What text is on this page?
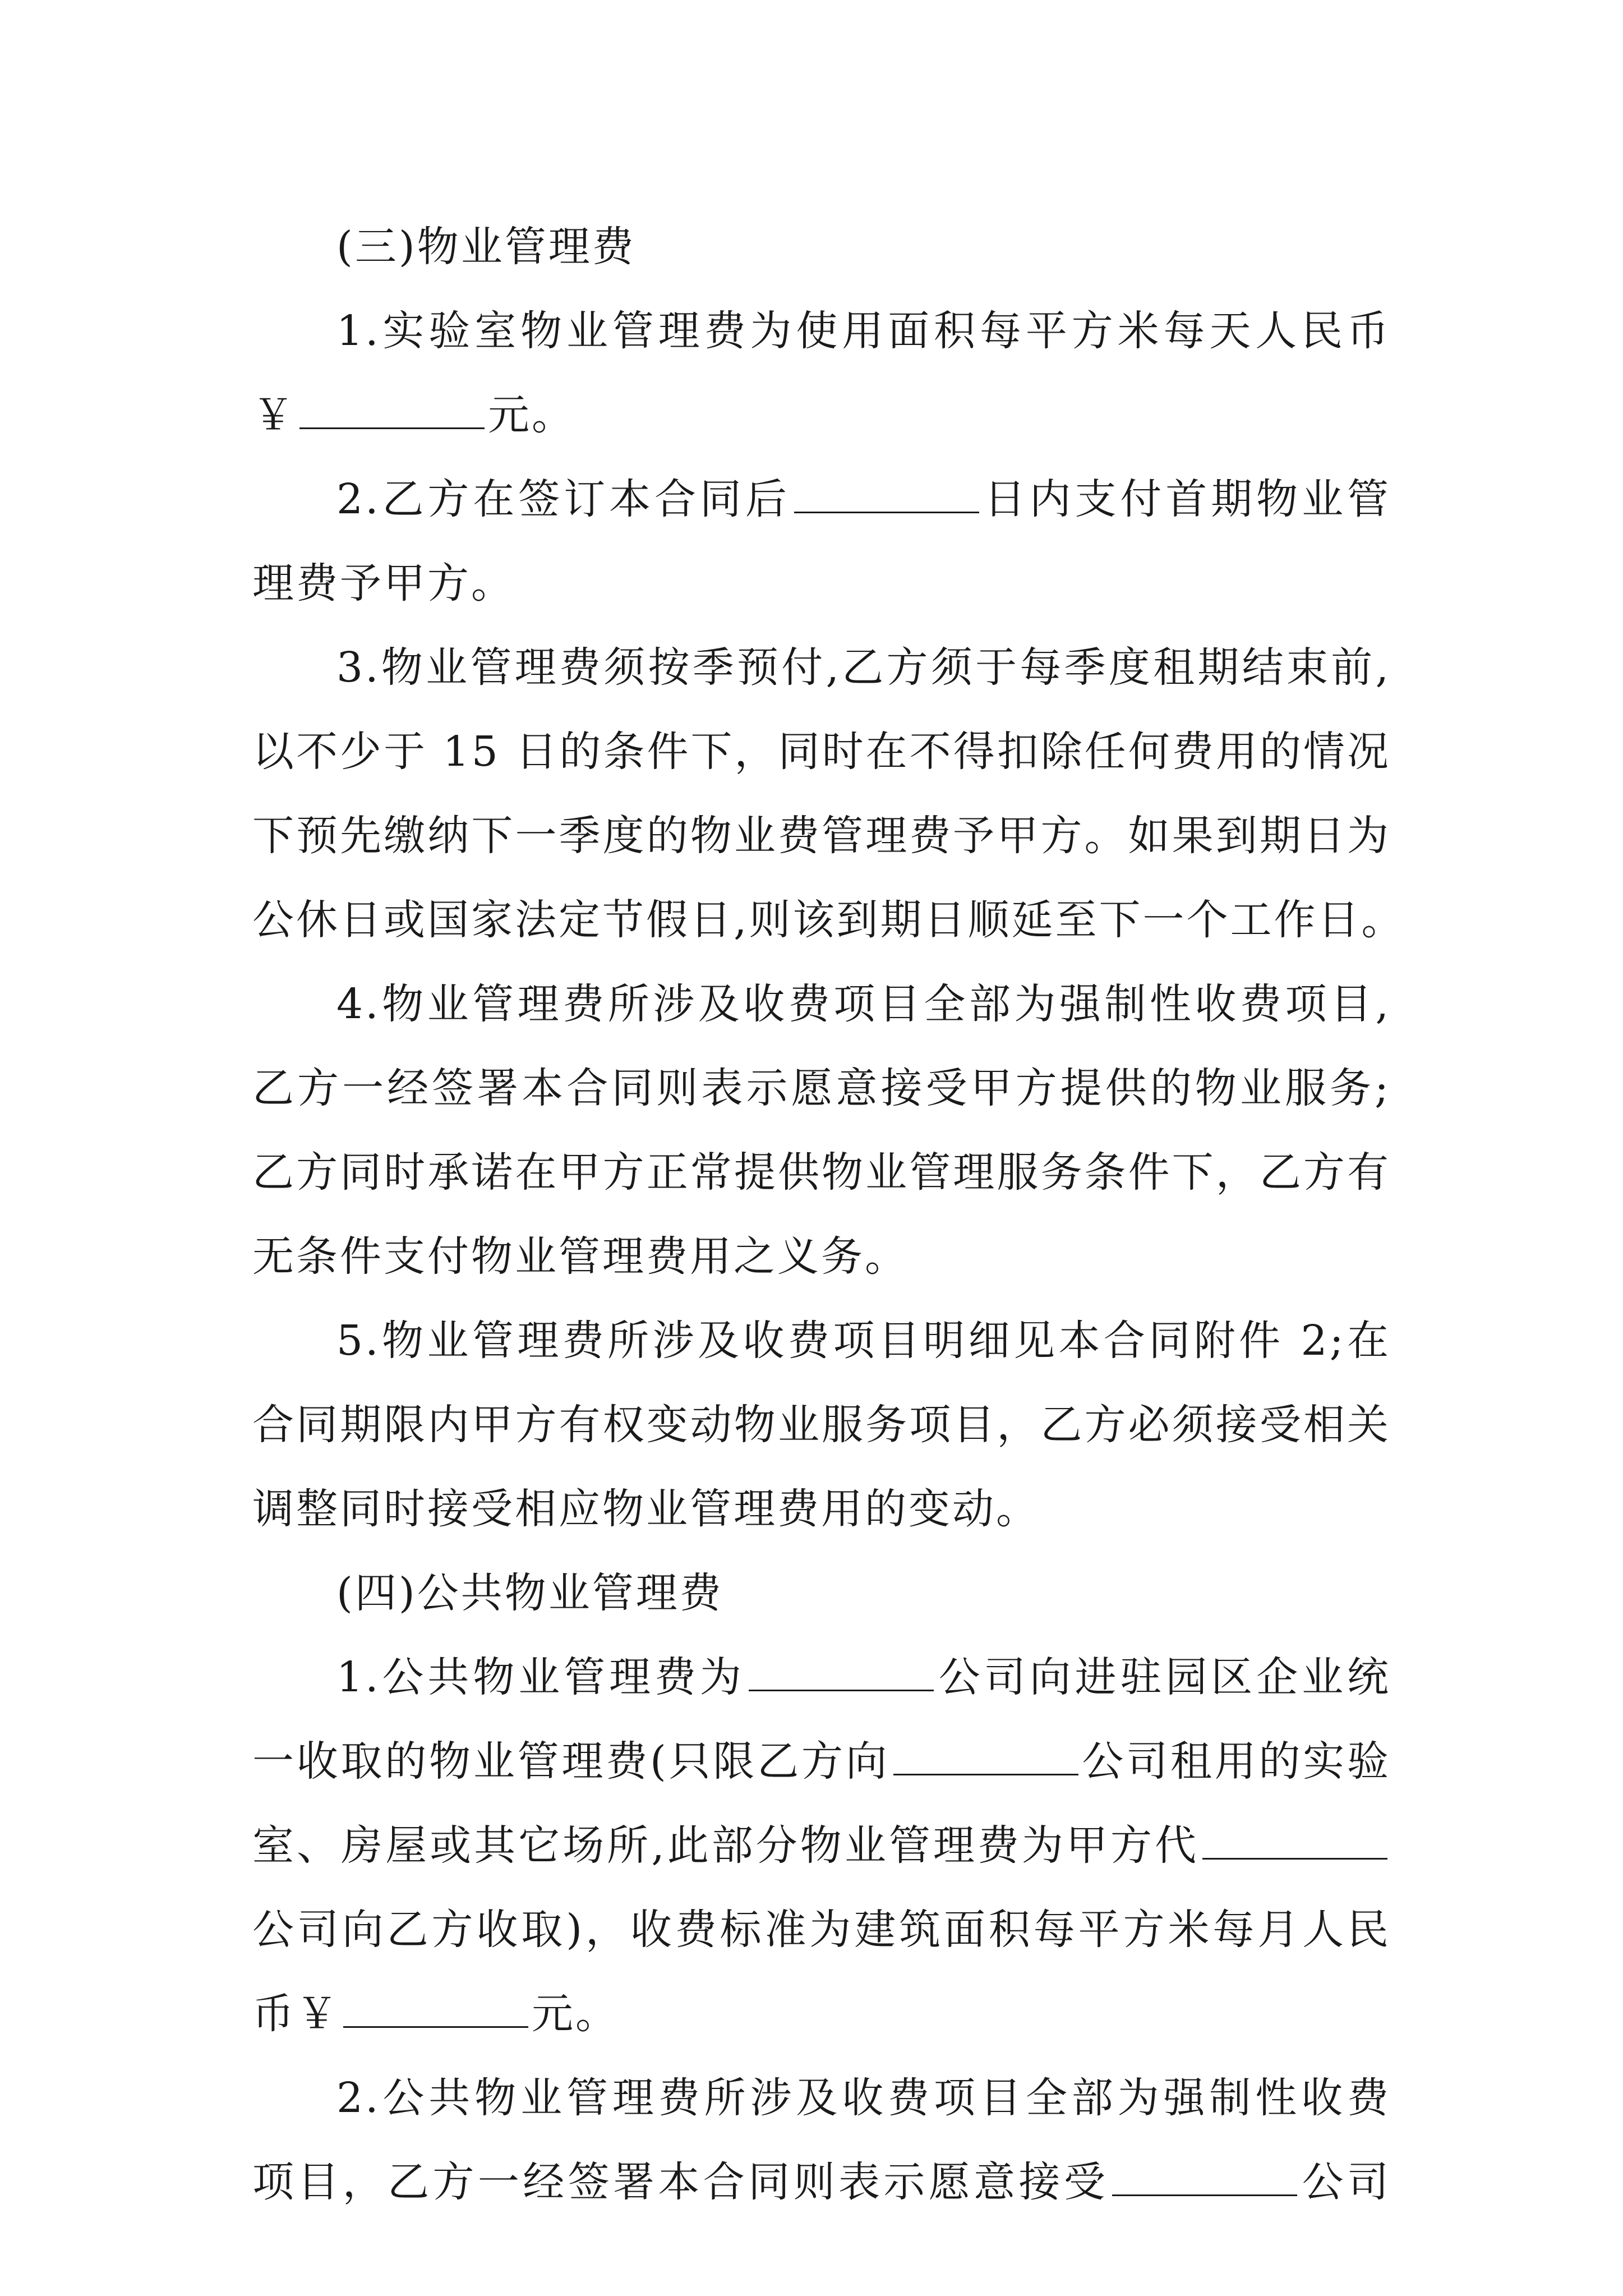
(三)物业管理费
1.实验室物业管理费为使用面积每平方米每天人民币
￥	元。
2.乙方在签订本合同后	日内支付首期物业管
理费予甲方。
3.物业管理费须按季预付,乙方须于每季度租期结束前,
以不少于 15 日的条件下，同时在不得扣除任何费用的情况
下预先缴纳下一季度的物业费管理费予甲方。如果到期日为
公休日或国家法定节假日,则该到期日顺延至下一个工作日。
4.物业管理费所涉及收费项目全部为强制性收费项目,
乙方一经签署本合同则表示愿意接受甲方提供的物业服务;
乙方同时承诺在甲方正常提供物业管理服务条件下，乙方有
无条件支付物业管理费用之义务。
5.物业管理费所涉及收费项目明细见本合同附件 2;在
合同期限内甲方有权变动物业服务项目，乙方必须接受相关
调整同时接受相应物业管理费用的变动。
(四)公共物业管理费
1.公共物业管理费为	公司向进驻园区企业统
一收取的物业管理费(只限乙方向	公司租用的实验
室、房屋或其它场所,此部分物业管理费为甲方代
公司向乙方收取)，收费标准为建筑面积每平方米每月人民
币￥	元。
2.公共物业管理费所涉及收费项目全部为强制性收费
项目，乙方一经签署本合同则表示愿意接受	公司
